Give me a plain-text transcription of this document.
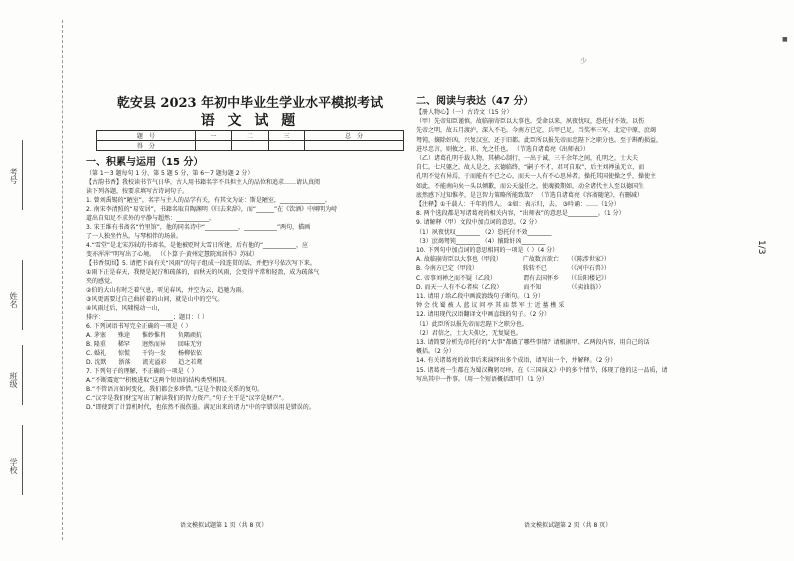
考号
姓名
班级
学校
少
■
1/3
乾安县 2023 年初中毕业生学业水平模拟考试
语 文 试 题
题　号	一	二	三	总　分
得　分				
一、积累与运用（15 分）

（第 1～3 题每句 1 分，第 5 题 5 分，第 6～7 题每题 2 分）

【古韵书香】我校读书节气日华，古人用书籍名字不具担主人的品位和追求……请认真阅

读下列各题，按要求填写古诗词句子。

1. 曾刘禹锡的“陋室”，名字与主人的品学有关，有其文为证：斯是陋室，_______________。

2. 南宋李清照的“易安居”，书籍名取自陶渊明《归去来辞》，而“______”在《饮酒》中阐明为峙

道出自知足不求外的平静与超然：___________。

3. 宋王维有书斋名“竹里馆”，他的同名诗中“___________，___________”两句，描画

了一人独坐竹丛，与琴相伴的场景。

4.“雪堂”是北宋苏轼的书斋名，是他被贬时大雪日所建，后有他的“___________，应

变亦浑浑”明写出了心境。 （《卜算子·黄州定慧院寓居作》苏轼）

【书香氛围】5. 请把下面有关“风雨”的句子组成一段连贯的话，并把序号依次写下来。

①雨下正是春天，我便是泥泞和疏落的，而秋天的风雨，会变得平常和轻盈，成为疏落气

夹的感觉。

②伯的大山有时乏着气息，听见春风，并空为云，趋驰为雨。

③风更需要过自己曲折着的山间，就是山中的空气。

④风雨过后，风啸搅动一山，

排序：_______________________；题目：（ ）

6. 下列词语书写完全正确的一项是（ ）

A. 茅塞　　殊途　　惟妙惟肖　　负隅顽抗

B. 隆重　　稀罕　　迥然而异　　回味无穷

C. 婚礼　　惊慌　　千钧一发　　杨柳依依

D. 沈默　　浙落　　流光溢彩　　趋之若鹜

7. 下列句子的理解，不正确的一项是（ ）

A.“不断震宽”“积极进取”这两个短语的结构类型相同。

B.“不管语言如何变化，我们都会多珍惜。”这是个假设关系的复句。

C.“汉字是我们财宝写出了解读我们的智力资产。”句子主干是“汉字是财产”。

D.“即使到了计算机时代，也依然不损伤墨。满足出来的诸力”中的字错误用是错误的。

语文模拟试题第 1 页（共 8 页）
二、阅读与表达（47 分）

【册人物心】（一）古诗文（15 分）

（甲）先帝知臣谨慎，故临崩寄臣以大事也。受命以来，夙夜忧叹，恐托付不效，以伤

先帝之明，故五月渡泸，深入不毛。今南方已定，兵甲已足，当奖率三军，北定中原，庶竭

驽钝，攘除奸凶，兴复汉室，还于旧都。此臣所以报先帝而忠陛下之职分也。至于斟酌损益，

进尽忠言，则攸之、祎、允之任也。 （节选自诸葛亮《出师表》）

（乙）诸葛孔明千载人物，其横心制行，一出于诚，三千余年之间，孔明之，士大夫

自仁。七尺躯之，故人是之，玄德临终，“嗣子不才，君可自取”，后主刘禅虽无立，而

孔明不觉有异焉，于而能有不已之心，而天一人有不心思异者，操托其国使操之乎，操使主

如此，不能南向矣一头以倾歉，而公天溢任之，使魂毅期如，动全诸代主人至以德国生

底然感下过知惟孝，是岂智力策略所能致哉？ （节选自诸葛亮《容斋随笔》，有删减）

【注释】①千载人：千年的伟人。 ②如：表示归，去。 ③吟诵：……（1分）

8. 两个选段都是写诸葛亮的相关内容，“出师表”的意思是__________。（1 分）

9. 请解释（甲）文段中加点词的意思。（2 分）

（1）夙夜忧叹________ （2）恐托付不效________

（3）庶竭驽钝________ （4）攘除奸凶________

10. 下列句中加点词的意思相同的一项是（ ）（4 分）

A. 故临崩寄臣以大事也（甲段）　　　　广故数言欲亡　　（《陈涉世家》）

B. 今南方已定（甲段）　　　　　　　　转转不已　　　　（《河中石兽》）

C. 帝事刘禅之而不疑（乙段）　　　　　谓有去国怀乡　　（《岳阳楼记》）

D. 而天一人有不心者疾（乙段）　　　　而不知　　　　　（《卖油翁》）

11. 请用 / 给乙段中画波浪线句子断句。（1 分）

钟 会 伐 蜀 被 人 蓝 议 问 亭 其 庙 禁 军 士 近 墓 樵 采

12. 请用现代汉语翻译文中画直线的句子。（2 分）

（1）此臣所以报先帝而忠陛下之职分也。

（2）君信之，士大夫仰之，无复疑也。

13. 请简要分析先帝托付的“大事”都做了哪些事情？请根据甲、乙两段内容，用自己的话

概括。（2 分）

14. 有关诸葛亮的故事后来演绎出多个成语，请写出一个，并解释。（2 分）

15. 诸葛亮一生都在为蜀汉鞠躬尽瘁，在《三国演义》中的多个情节，体现了他的这一品质，请

写出其中一件事。（用一个短语概括即可）（1 分）

语文模拟试题第 2 页（共 8 页）
